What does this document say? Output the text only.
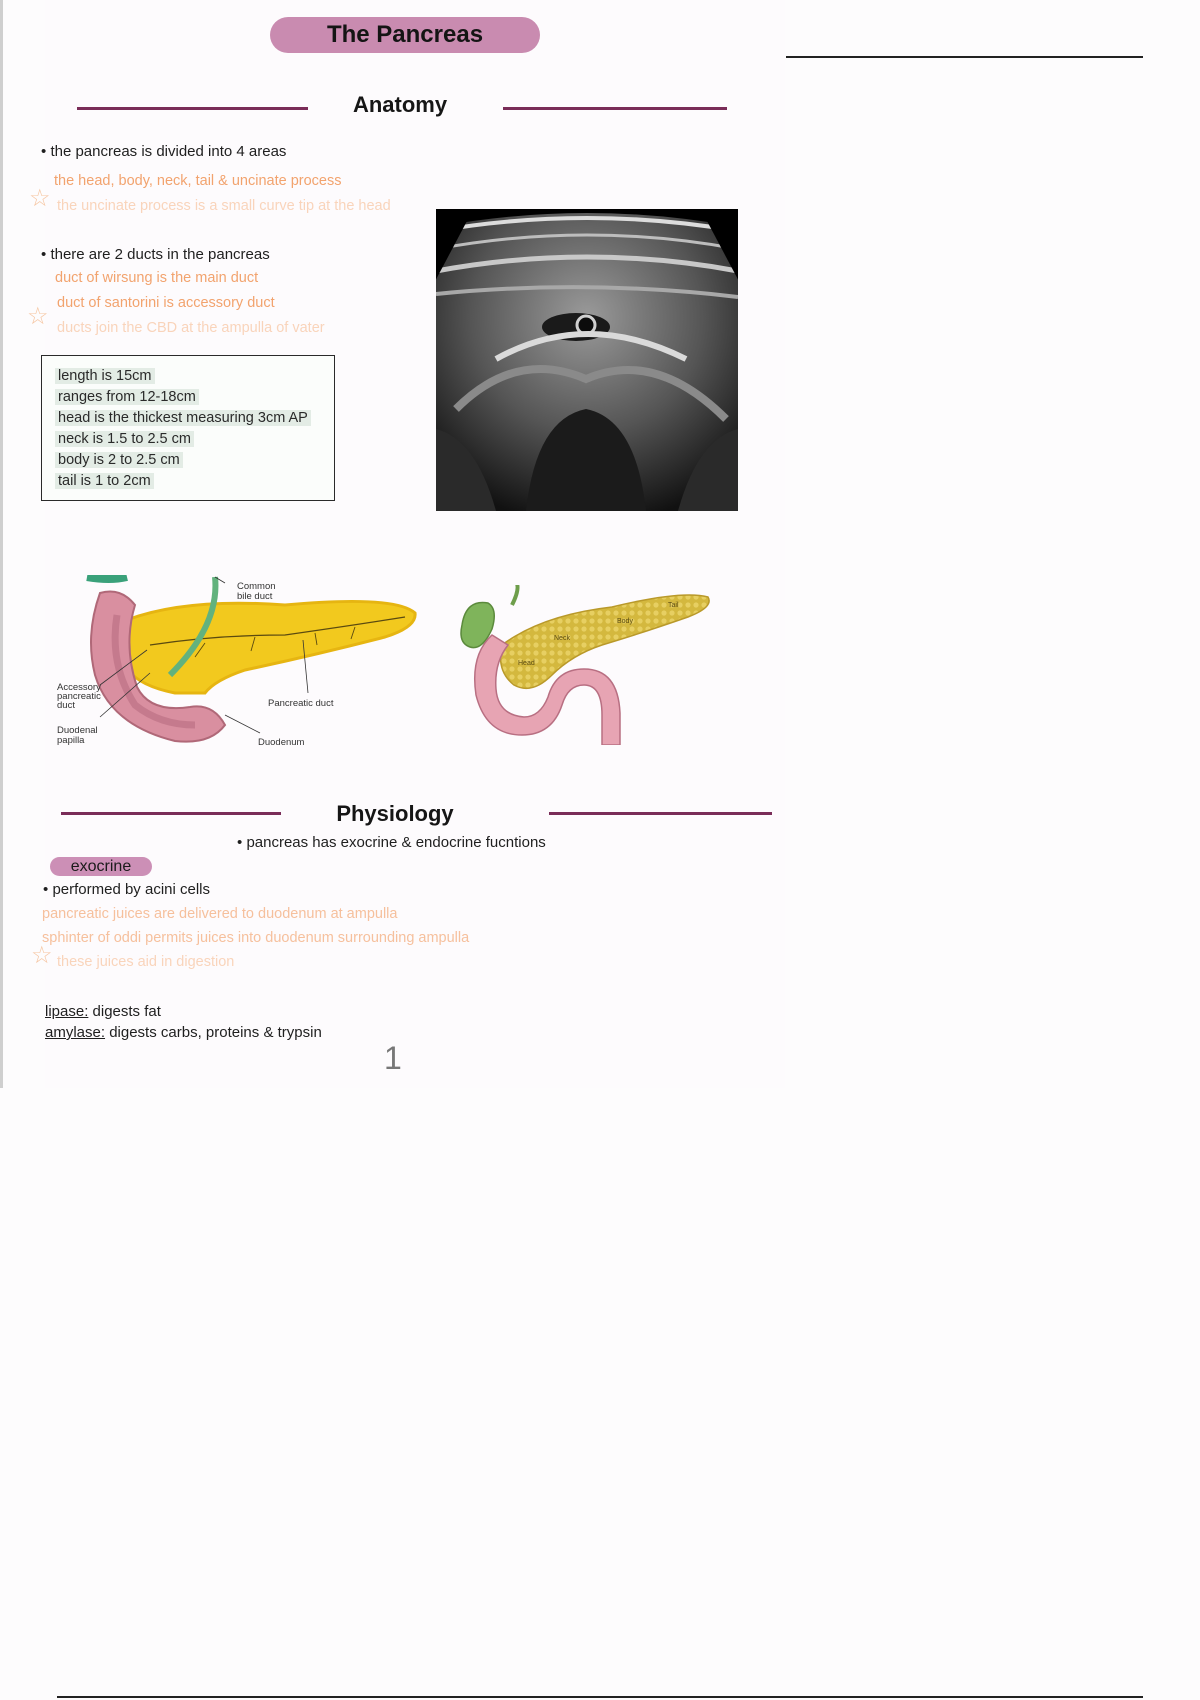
The Pancreas
Anatomy
• the pancreas is divided into 4 areas
the head, body, neck, tail & uncinate process
☆ the uncinate process is a small curve tip at the head
• there are 2 ducts in the pancreas
duct of wirsung is the main duct
duct of santorini is accessory duct
☆ ducts join the CBD at the ampulla of vater
length is 15cm
ranges from 12-18cm
head is the thickest measuring 3cm AP
neck is 1.5 to 2.5 cm
body is 2 to 2.5 cm
tail is 1 to 2cm
Common
bile duct
Accessory
pancreatic
duct	Pancreatic duct
Duodenal
papilla	Duodenum
Tail
Body
Neck
Head
Physiology
• pancreas has exocrine & endocrine fucntions
exocrine
• performed by acini cells
pancreatic juices are delivered to duodenum at ampulla
sphinter of oddi permits juices into duodenum surrounding ampulla
☆ these juices aid in digestion
lipase: digests fat
amylase: digests carbs, proteins & trypsin
1
